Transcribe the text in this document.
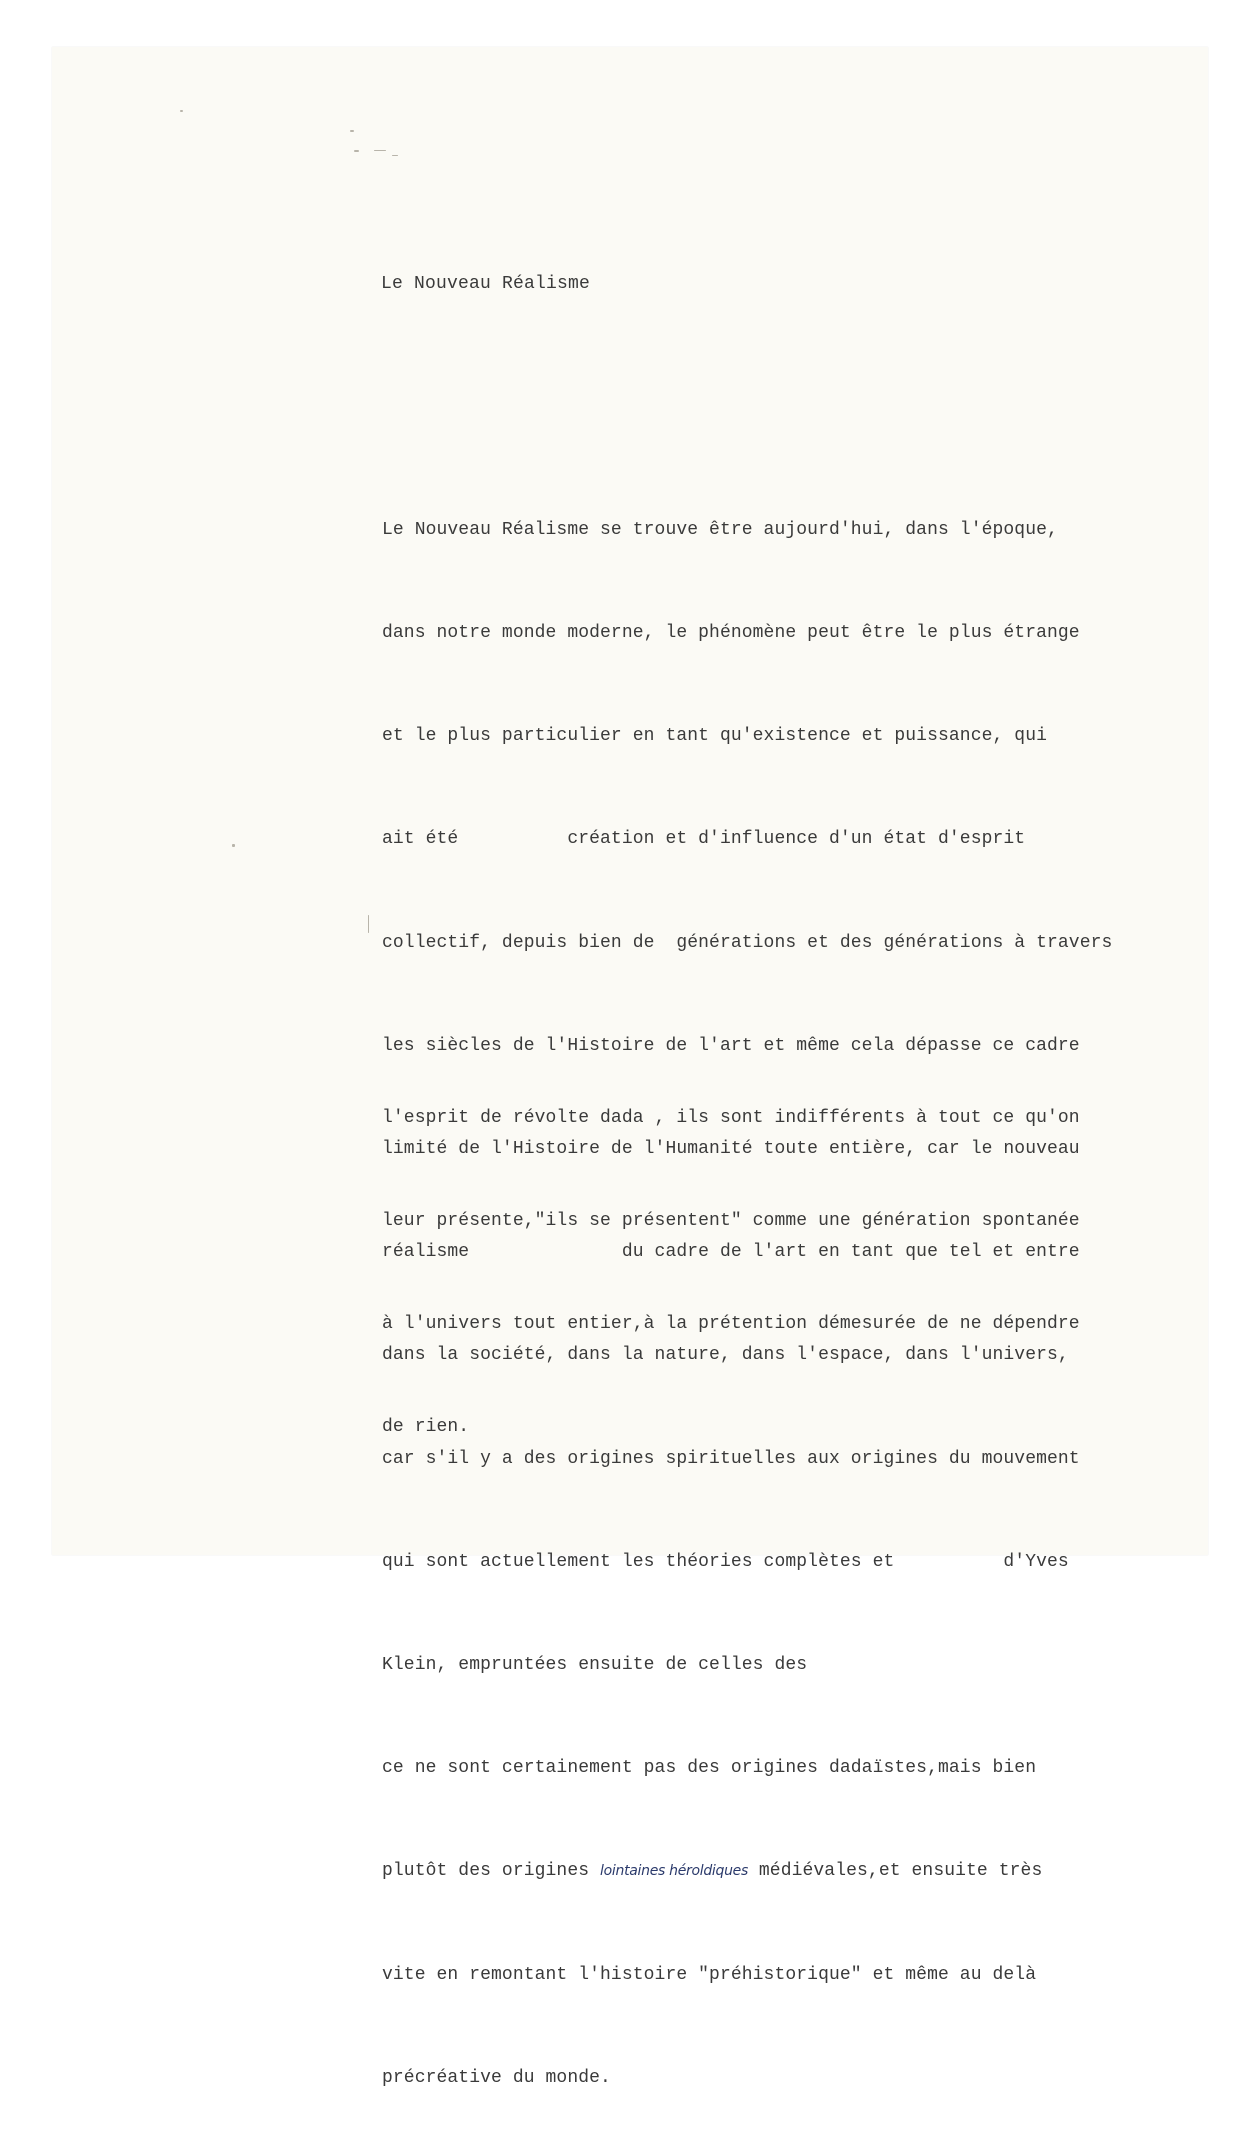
Le Nouveau Réalisme

Le Nouveau Réalisme se trouve être aujourd'hui, dans l'époque,

dans notre monde moderne, le phénomène peut être le plus étrange

et le plus particulier en tant qu'existence et puissance, qui

ait été          création et d'influence d'un état d'esprit

collectif, depuis bien de  générations et des générations à travers

les siècles de l'Histoire de l'art et même cela dépasse ce cadre

limité de l'Histoire de l'Humanité toute entière, car le nouveau

réalisme              du cadre de l'art en tant que tel et entre

dans la société, dans la nature, dans l'espace, dans l'univers,

car s'il y a des origines spirituelles aux origines du mouvement

qui sont actuellement les théories complètes et          d'Yves

Klein, empruntées ensuite de celles des

ce ne sont certainement pas des origines dadaïstes,mais bien

plutôt des origines lointaines héroldiques médiévales,et ensuite très

vite en remontant l'histoire "préhistorique" et même au delà

précréative du monde.

l'esprit de révolte dada , ils sont indifférents à tout ce qu'on

leur présente,"ils se présentent" comme une génération spontanée

à l'univers tout entier,à la prétention démesurée de ne dépendre

de rien.
